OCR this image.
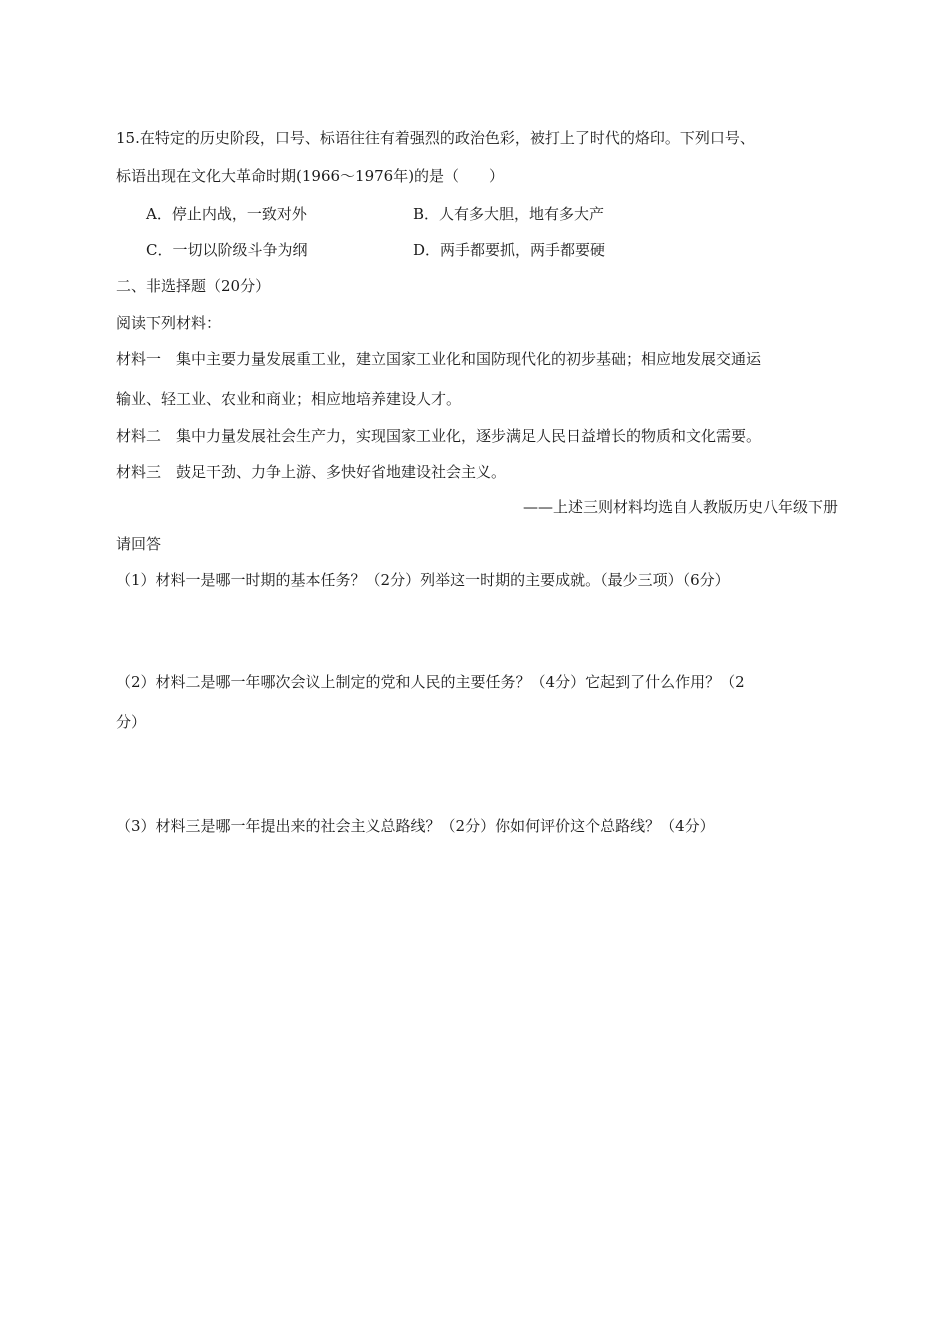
15.在特定的历史阶段，口号、标语往往有着强烈的政治色彩，被打上了时代的烙印。下列口号、
标语出现在文化大革命时期(1966～1976年)的是（　　）
A．停止内战，一致对外	B．人有多大胆，地有多大产
C．一切以阶级斗争为纲	D．两手都要抓，两手都要硬
二、非选择题（20分）
阅读下列材料：
材料一　集中主要力量发展重工业，建立国家工业化和国防现代化的初步基础；相应地发展交通运
输业、轻工业、农业和商业；相应地培养建设人才。
材料二　集中力量发展社会生产力，实现国家工业化，逐步满足人民日益增长的物质和文化需要。
材料三　鼓足干劲、力争上游、多快好省地建设社会主义。
——上述三则材料均选自人教版历史八年级下册
请回答
（1）材料一是哪一时期的基本任务？（2分）列举这一时期的主要成就。（最少三项）（6分）
（2）材料二是哪一年哪次会议上制定的党和人民的主要任务？（4分）它起到了什么作用？（2
分）
（3）材料三是哪一年提出来的社会主义总路线？（2分）你如何评价这个总路线？（4分）
